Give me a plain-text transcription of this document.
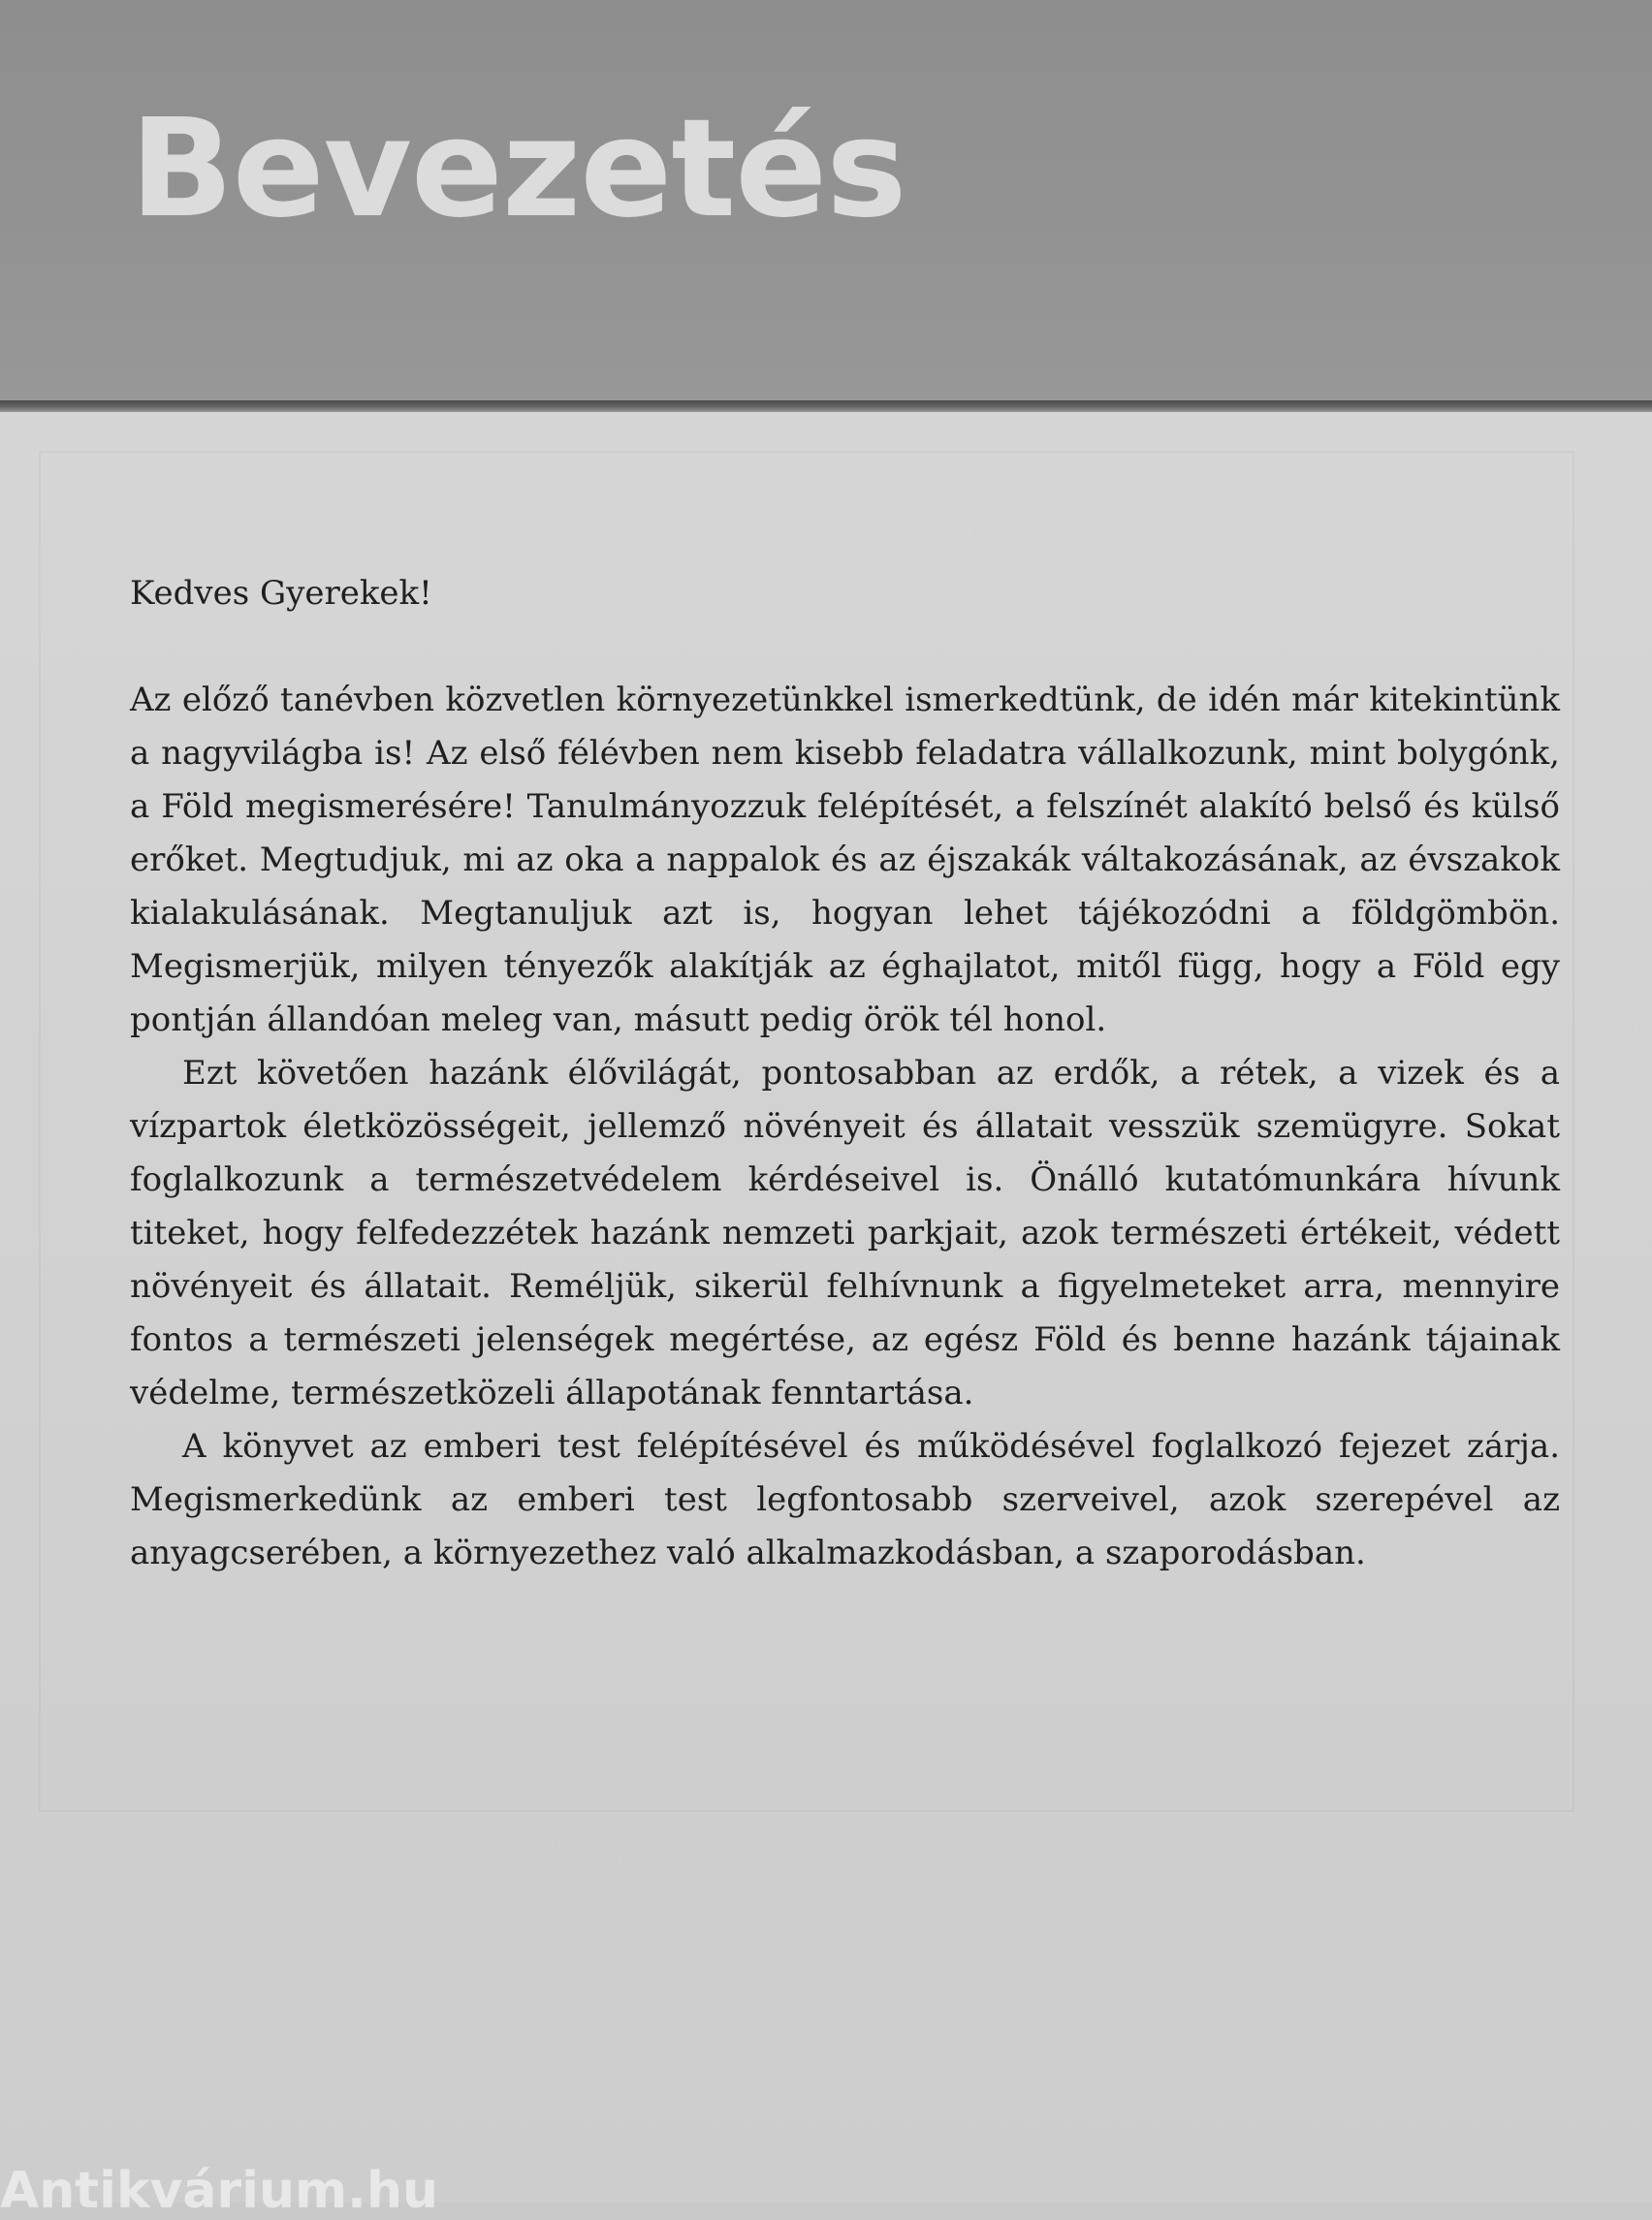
Bevezetés

Kedves Gyerekek!

Az előző tanévben közvetlen környezetünkkel ismerkedtünk, de idén már kitekintünk a nagyvilágba is! Az első félévben nem kisebb feladatra vállalkozunk, mint bolygónk, a Föld megismerésére! Tanulmányozzuk felépítését, a felszínét alakító belső és külső erőket. Megtudjuk, mi az oka a nappalok és az éjszakák váltakozásának, az évszakok kialakulásának. Megtanuljuk azt is, hogyan lehet tájékozódni a földgömbön. Megismerjük, milyen tényezők alakítják az éghajlatot, mitől függ, hogy a Föld egy pontján állandóan meleg van, másutt pedig örök tél honol.

Ezt követően hazánk élővilágát, pontosabban az erdők, a rétek, a vizek és a vízpartok életközösségeit, jellemző növényeit és állatait vesszük szemügyre. Sokat foglalkozunk a természetvédelem kérdéseivel is. Önálló kutatómunkára hívunk titeket, hogy felfedezzétek hazánk nemzeti parkjait, azok természeti értékeit, védett növényeit és állatait. Reméljük, sikerül felhívnunk a figyelmeteket arra, mennyire fontos a természeti jelenségek megértése, az egész Föld és benne hazánk tájainak védelme, természetközeli állapotának fenntartása.

A könyvet az emberi test felépítésével és működésével foglalkozó fejezet zárja. Megismerkedünk az emberi test legfontosabb szerveivel, azok szerepével az anyagcserében, a környezethez való alkalmazkodásban, a szaporodásban.

Antikvárium.hu
